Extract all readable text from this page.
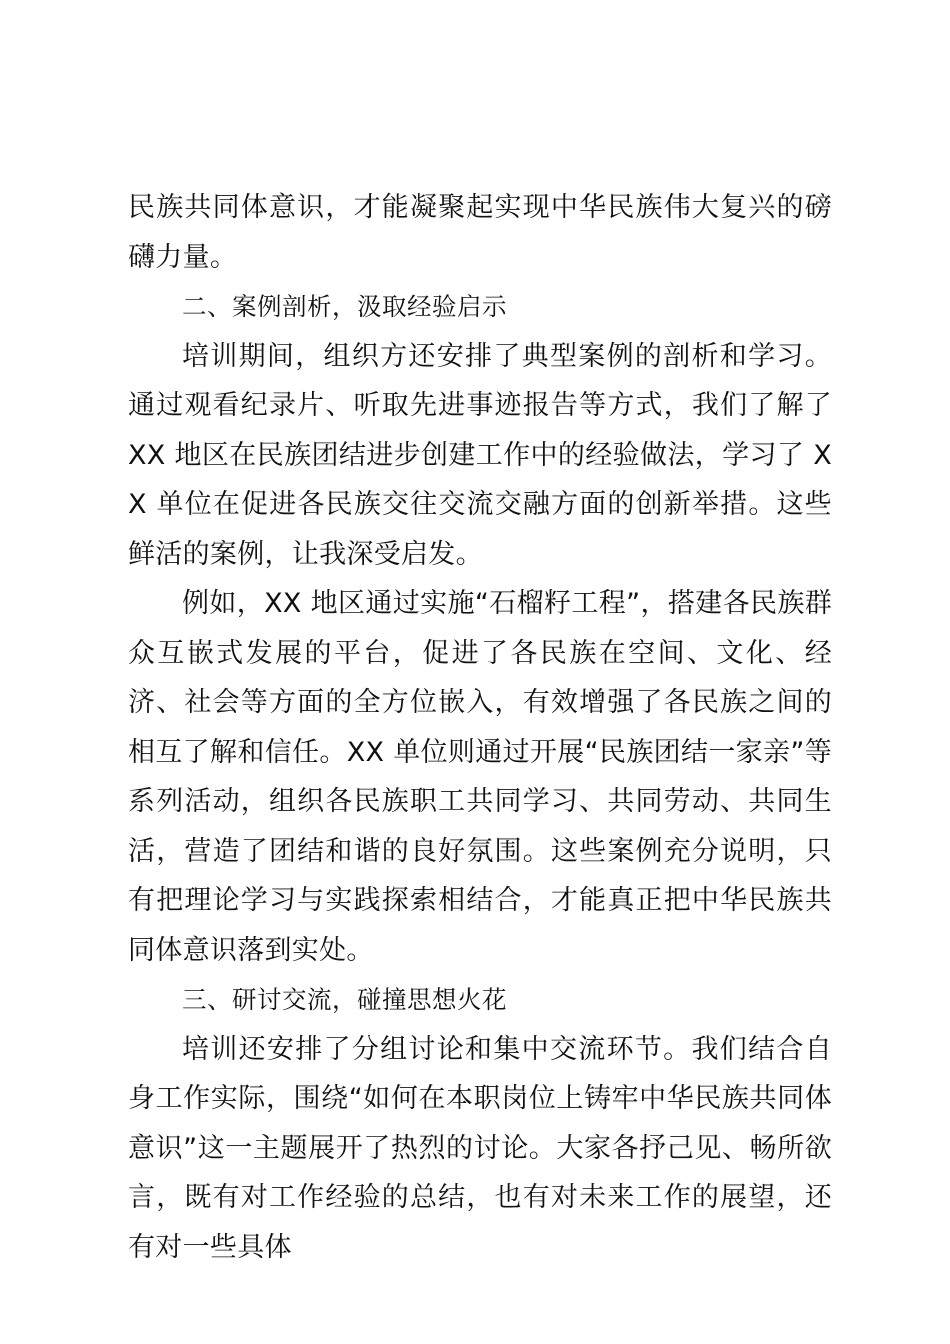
民族共同体意识，才能凝聚起实现中华民族伟大复兴的磅礴力量。

二、案例剖析，汲取经验启示

培训期间，组织方还安排了典型案例的剖析和学习。通过观看纪录片、听取先进事迹报告等方式，我们了解了 XX 地区在民族团结进步创建工作中的经验做法，学习了 XX 单位在促进各民族交往交流交融方面的创新举措。这些鲜活的案例，让我深受启发。

例如，XX 地区通过实施“石榴籽工程”，搭建各民族群众互嵌式发展的平台，促进了各民族在空间、文化、经济、社会等方面的全方位嵌入，有效增强了各民族之间的相互了解和信任。XX 单位则通过开展“民族团结一家亲”等系列活动，组织各民族职工共同学习、共同劳动、共同生活，营造了团结和谐的良好氛围。这些案例充分说明，只有把理论学习与实践探索相结合，才能真正把中华民族共同体意识落到实处。

三、研讨交流，碰撞思想火花

培训还安排了分组讨论和集中交流环节。我们结合自身工作实际，围绕“如何在本职岗位上铸牢中华民族共同体意识”这一主题展开了热烈的讨论。大家各抒己见、畅所欲言，既有对工作经验的总结，也有对未来工作的展望，还有对一些具体
